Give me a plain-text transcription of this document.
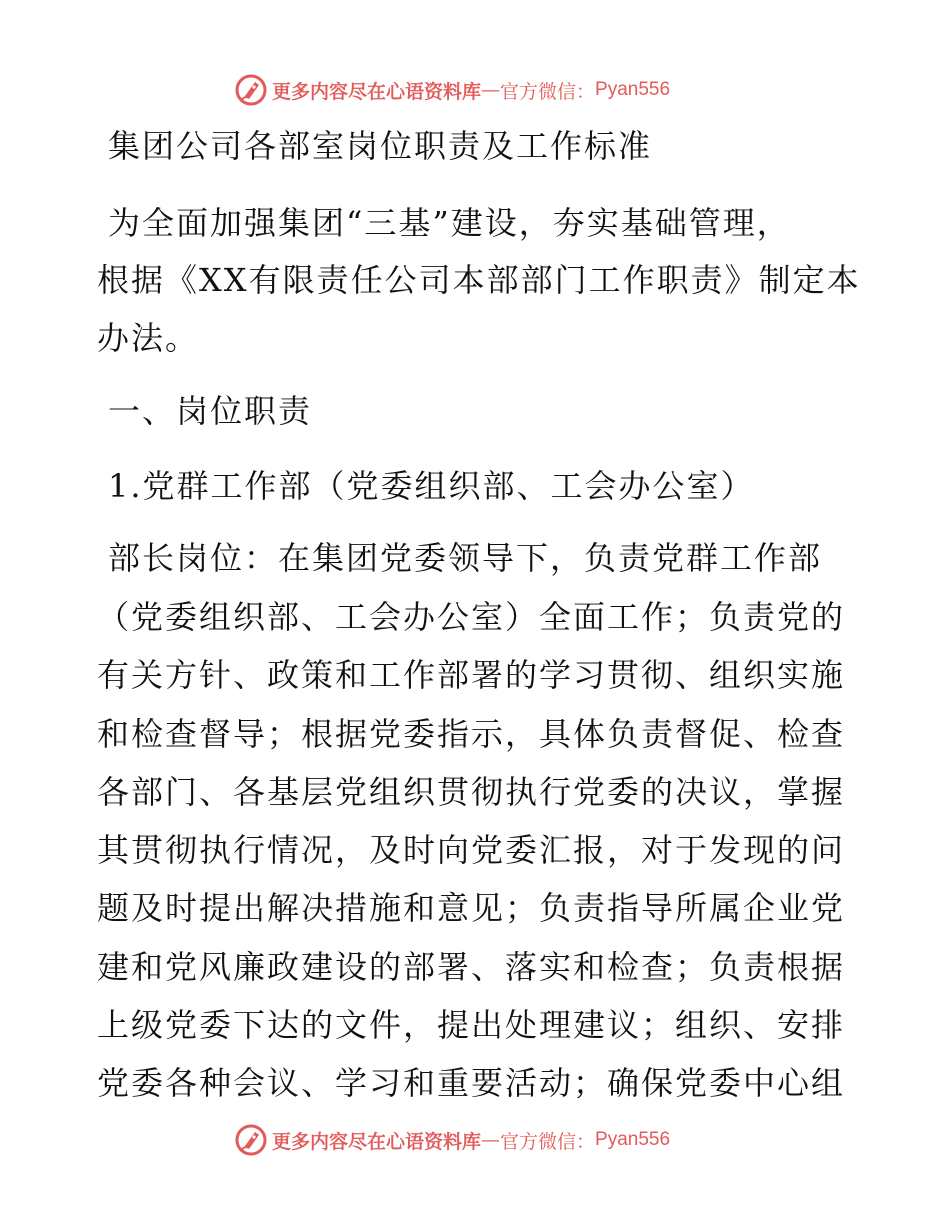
更多内容尽在心语资料库 — 官方微信： Pyan556
集团公司各部室岗位职责及工作标准
为全面加强集团“三基”建设，夯实基础管理，
根据《XX有限责任公司本部部门工作职责》制定本
办法。
一、岗位职责
1.党群工作部（党委组织部、工会办公室）
部长岗位：在集团党委领导下，负责党群工作部
（党委组织部、工会办公室）全面工作；负责党的
有关方针、政策和工作部署的学习贯彻、组织实施
和检查督导；根据党委指示，具体负责督促、检查
各部门、各基层党组织贯彻执行党委的决议，掌握
其贯彻执行情况，及时向党委汇报，对于发现的问
题及时提出解决措施和意见；负责指导所属企业党
建和党风廉政建设的部署、落实和检查；负责根据
上级党委下达的文件，提出处理建议；组织、安排
党委各种会议、学习和重要活动；确保党委中心组
更多内容尽在心语资料库 — 官方微信： Pyan556
